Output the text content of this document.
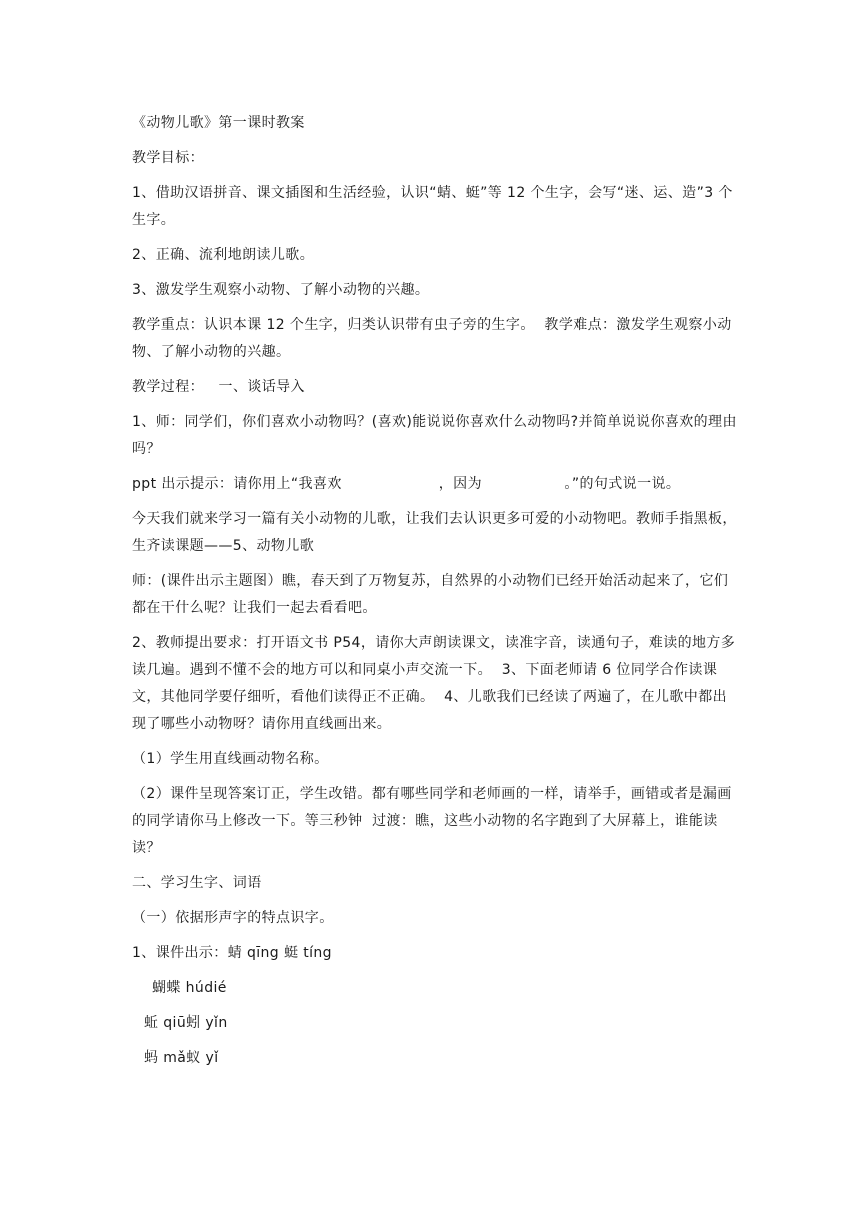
《动物儿歌》第一课时教案

教学目标：

1、借助汉语拼音、课文插图和生活经验，认识“蜻、蜓”等 12 个生字，会写“迷、运、造”3 个生字。

2、正确、流利地朗读儿歌。

3、激发学生观察小动物、了解小动物的兴趣。

教学重点：认识本课 12 个生字，归类认识带有虫子旁的生字。  教学难点：激发学生观察小动物、了解小动物的兴趣。

教学过程：   一、谈话导入

1、师：同学们，你们喜欢小动物吗？(喜欢)能说说你喜欢什么动物吗?并简单说说你喜欢的理由吗？

ppt 出示提示：请你用上“我喜欢                    ，因为                 。”的句式说一说。

今天我们就来学习一篇有关小动物的儿歌，让我们去认识更多可爱的小动物吧。教师手指黑板，生齐读课题——5、动物儿歌

师：(课件出示主题图）瞧，春天到了万物复苏，自然界的小动物们已经开始活动起来了，它们都在干什么呢？让我们一起去看看吧。

2、教师提出要求：打开语文书 P54，请你大声朗读课文，读准字音，读通句子，难读的地方多读几遍。遇到不懂不会的地方可以和同桌小声交流一下。  3、下面老师请 6 位同学合作读课文，其他同学要仔细听，看他们读得正不正确。  4、儿歌我们已经读了两遍了，在儿歌中都出现了哪些小动物呀？请你用直线画出来。

（1）学生用直线画动物名称。

（2）课件呈现答案订正，学生改错。都有哪些同学和老师画的一样，请举手，画错或者是漏画的同学请你马上修改一下。等三秒钟  过渡：瞧，这些小动物的名字跑到了大屏幕上，谁能读读？

二、学习生字、词语

（一）依据形声字的特点识字。

1、课件出示：蜻 qīng 蜓 tíng

蝴蝶 húdié

蚯 qiū蚓 yǐn

蚂 mǎ蚁 yǐ
